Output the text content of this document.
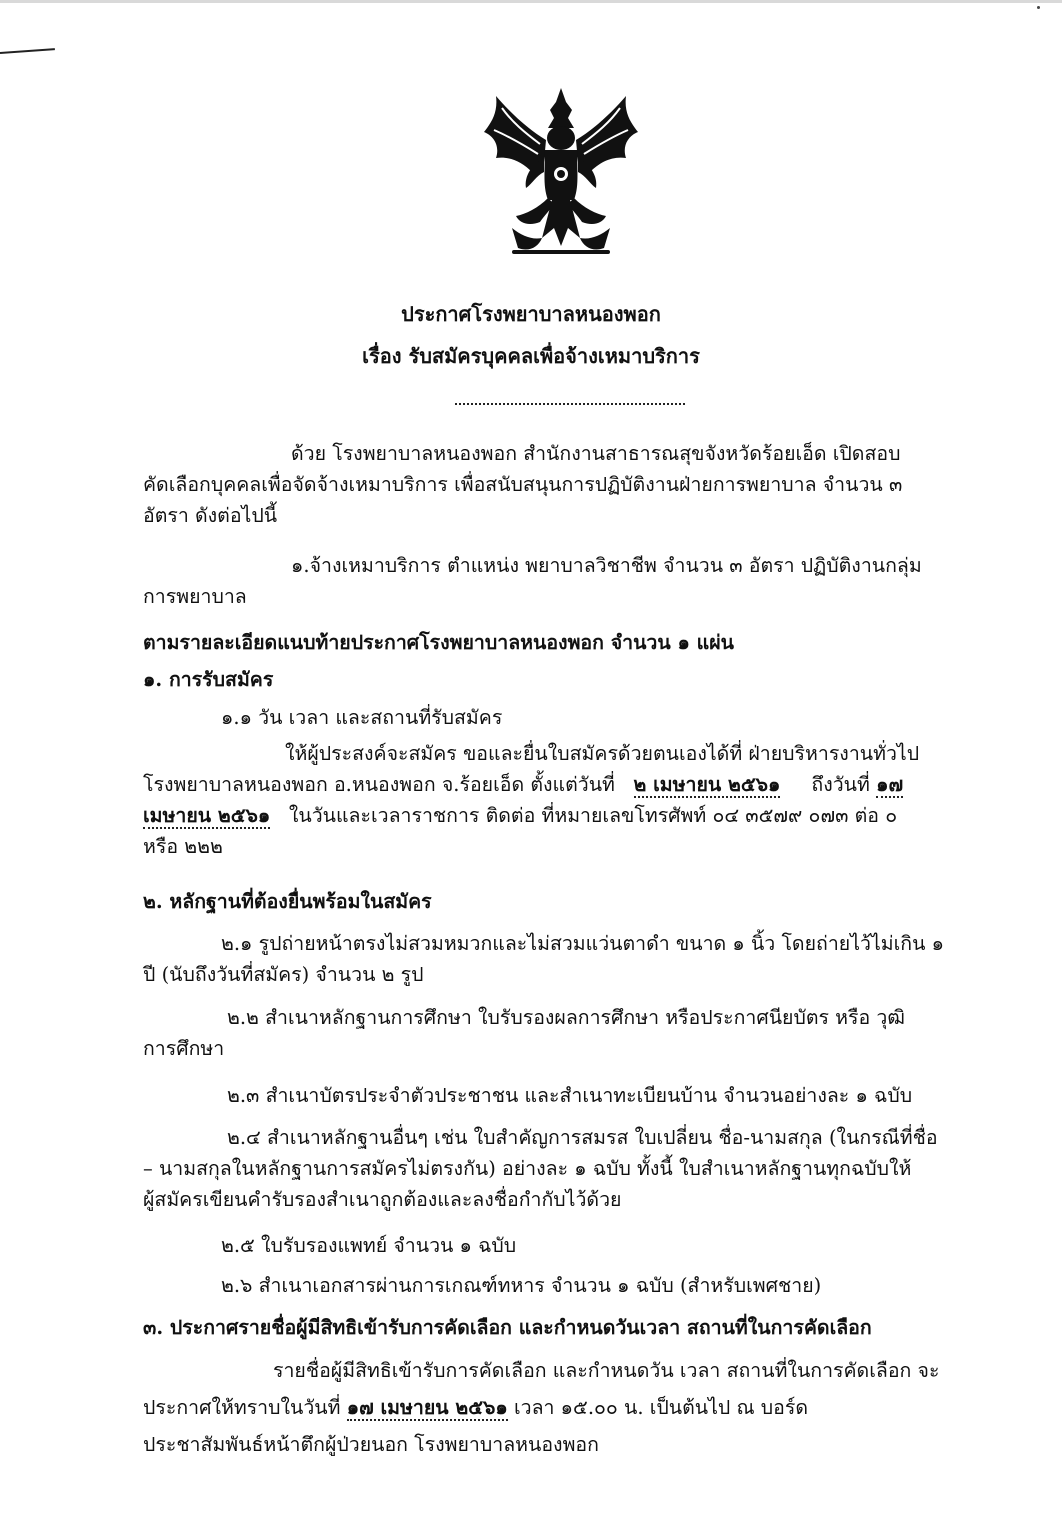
ประกาศโรงพยาบาลหนองพอก
เรื่อง รับสมัครบุคคลเพื่อจ้างเหมาบริการ
ด้วย โรงพยาบาลหนองพอก สำนักงานสาธารณสุขจังหวัดร้อยเอ็ด เปิดสอบ
คัดเลือกบุคคลเพื่อจัดจ้างเหมาบริการ เพื่อสนับสนุนการปฏิบัติงานฝ่ายการพยาบาล จำนวน ๓
อัตรา ดังต่อไปนี้
๑.จ้างเหมาบริการ ตำแหน่ง พยาบาลวิชาชีพ จำนวน ๓ อัตรา ปฏิบัติงานกลุ่ม
การพยาบาล
ตามรายละเอียดแนบท้ายประกาศโรงพยาบาลหนองพอก จำนวน ๑ แผ่น
๑. การรับสมัคร
๑.๑ วัน เวลา และสถานที่รับสมัคร
ให้ผู้ประสงค์จะสมัคร ขอและยื่นใบสมัครด้วยตนเองได้ที่ ฝ่ายบริหารงานทั่วไป
โรงพยาบาลหนองพอก อ.หนองพอก จ.ร้อยเอ็ด ตั้งแต่วันที่ ๒ เมษายน ๒๕๖๑ ถึงวันที่ ๑๗
เมษายน ๒๕๖๑ ในวันและเวลาราชการ ติดต่อ ที่หมายเลขโทรศัพท์ ๐๔ ๓๕๗๙ ๐๗๓ ต่อ ๐
หรือ ๒๒๒
๒. หลักฐานที่ต้องยื่นพร้อมในสมัคร
๒.๑ รูปถ่ายหน้าตรงไม่สวมหมวกและไม่สวมแว่นตาดำ ขนาด ๑ นิ้ว โดยถ่ายไว้ไม่เกิน ๑
ปี (นับถึงวันที่สมัคร) จำนวน ๒ รูป
๒.๒ สำเนาหลักฐานการศึกษา ใบรับรองผลการศึกษา หรือประกาศนียบัตร หรือ วุฒิ
การศึกษา
๒.๓ สำเนาบัตรประจำตัวประชาชน และสำเนาทะเบียนบ้าน จำนวนอย่างละ ๑ ฉบับ
๒.๔ สำเนาหลักฐานอื่นๆ เช่น ใบสำคัญการสมรส ใบเปลี่ยน ชื่อ-นามสกุล (ในกรณีที่ชื่อ
– นามสกุลในหลักฐานการสมัครไม่ตรงกัน) อย่างละ ๑ ฉบับ ทั้งนี้ ใบสำเนาหลักฐานทุกฉบับให้
ผู้สมัครเขียนคำรับรองสำเนาถูกต้องและลงชื่อกำกับไว้ด้วย
๒.๕ ใบรับรองแพทย์ จำนวน ๑ ฉบับ
๒.๖ สำเนาเอกสารผ่านการเกณฑ์ทหาร จำนวน ๑ ฉบับ (สำหรับเพศชาย)
๓. ประกาศรายชื่อผู้มีสิทธิเข้ารับการคัดเลือก และกำหนดวันเวลา สถานที่ในการคัดเลือก
รายชื่อผู้มีสิทธิเข้ารับการคัดเลือก และกำหนดวัน เวลา สถานที่ในการคัดเลือก จะ
ประกาศให้ทราบในวันที่ ๑๗ เมษายน ๒๕๖๑ เวลา ๑๕.๐๐ น. เป็นต้นไป ณ บอร์ด
ประชาสัมพันธ์หน้าตึกผู้ป่วยนอก โรงพยาบาลหนองพอก
